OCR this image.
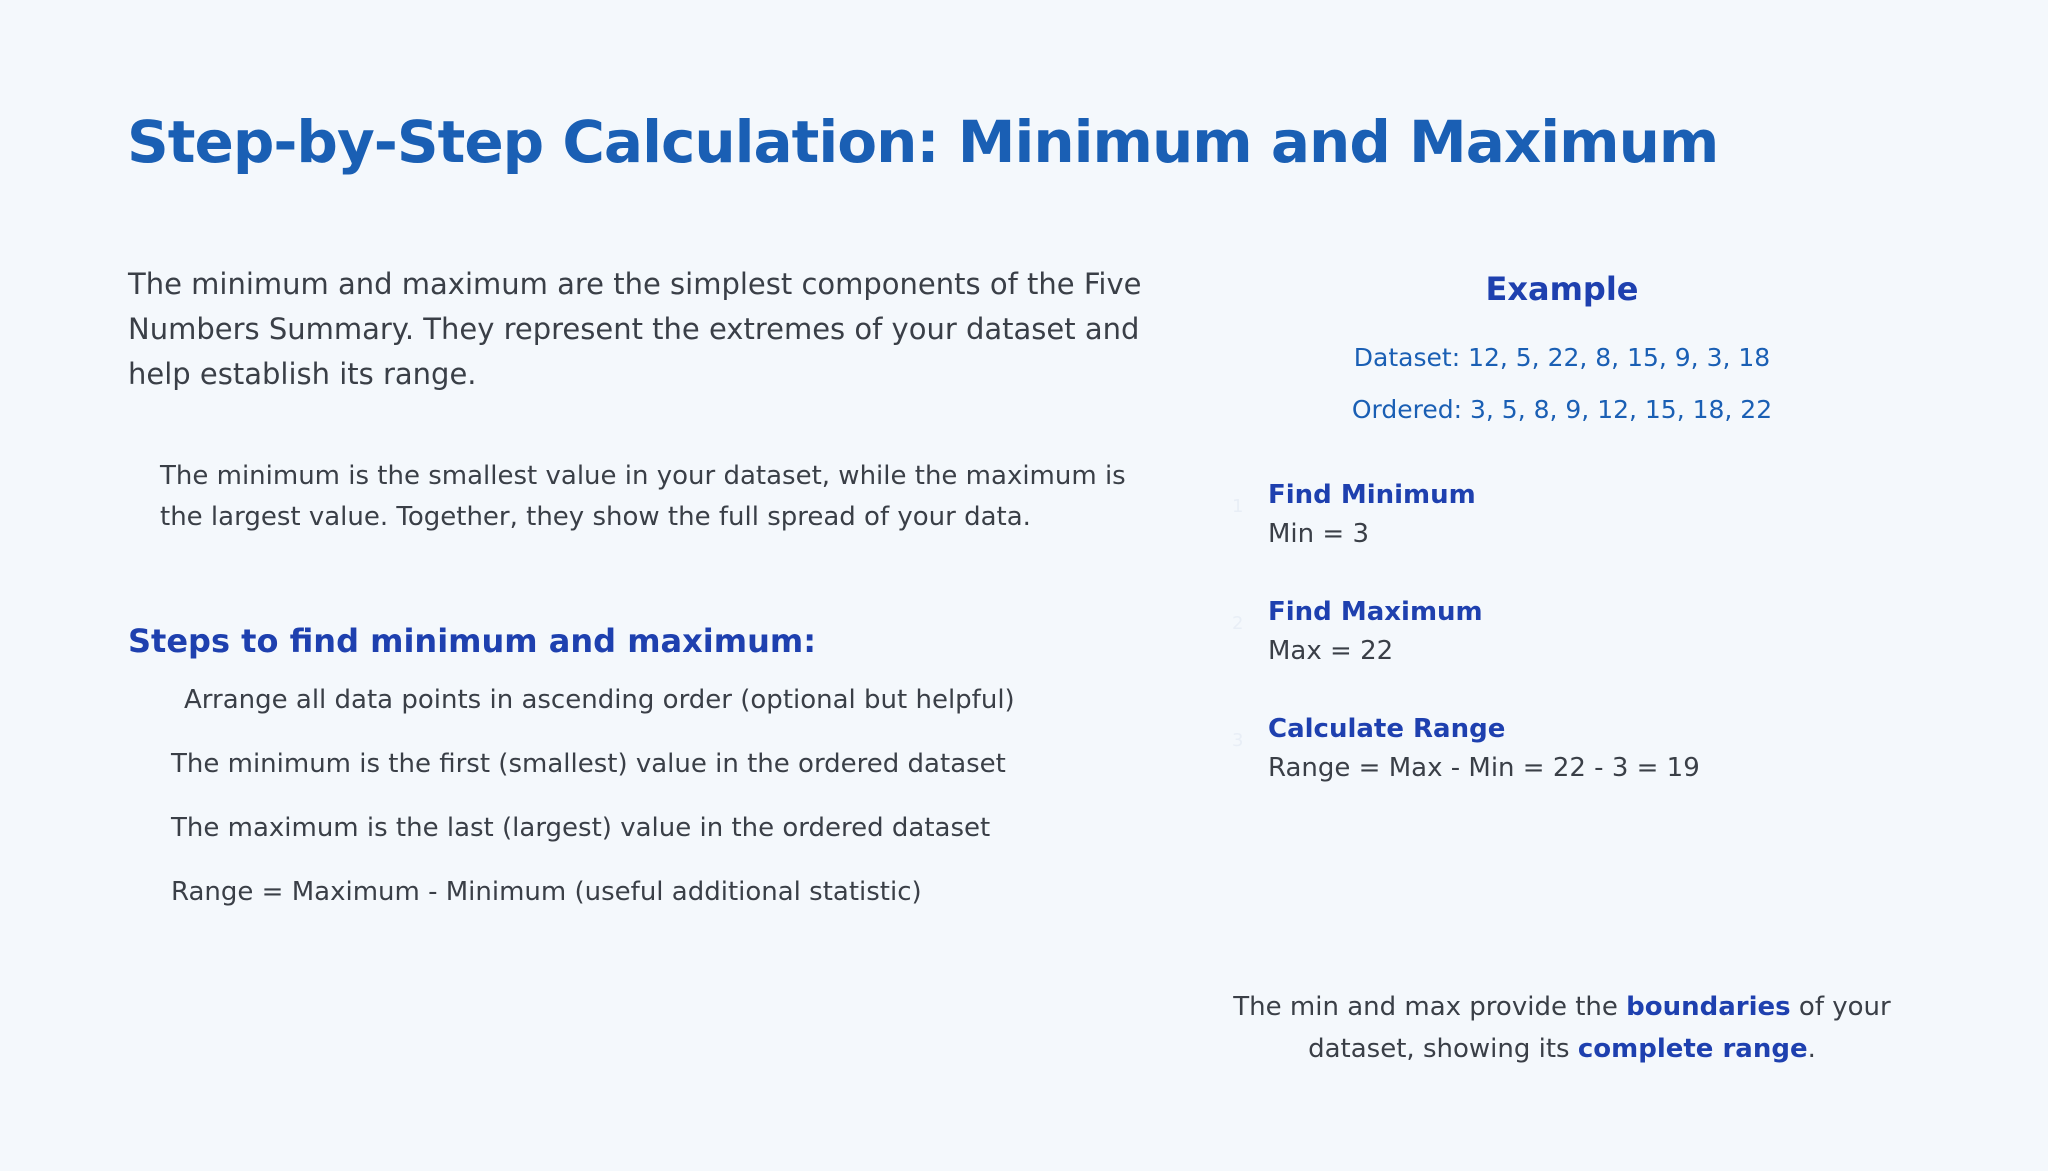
Step-by-Step Calculation: Minimum and Maximum

The minimum and maximum are the simplest components of the Five Numbers Summary. They represent the extremes of your dataset and help establish its range.

The minimum is the smallest value in your dataset, while the maximum is the largest value. Together, they show the full spread of your data.

Steps to find minimum and maximum:
Arrange all data points in ascending order (optional but helpful)
The minimum is the first (smallest) value in the ordered dataset
The maximum is the last (largest) value in the ordered dataset
Range = Maximum - Minimum (useful additional statistic)
Example
Dataset: 12, 5, 22, 8, 15, 9, 3, 18
Ordered: 3, 5, 8, 9, 12, 15, 18, 22
1 Find Minimum
Min = 3
2 Find Maximum
Max = 22
3 Calculate Range
Range = Max - Min = 22 - 3 = 19
The min and max provide the boundaries of your dataset, showing its complete range.
